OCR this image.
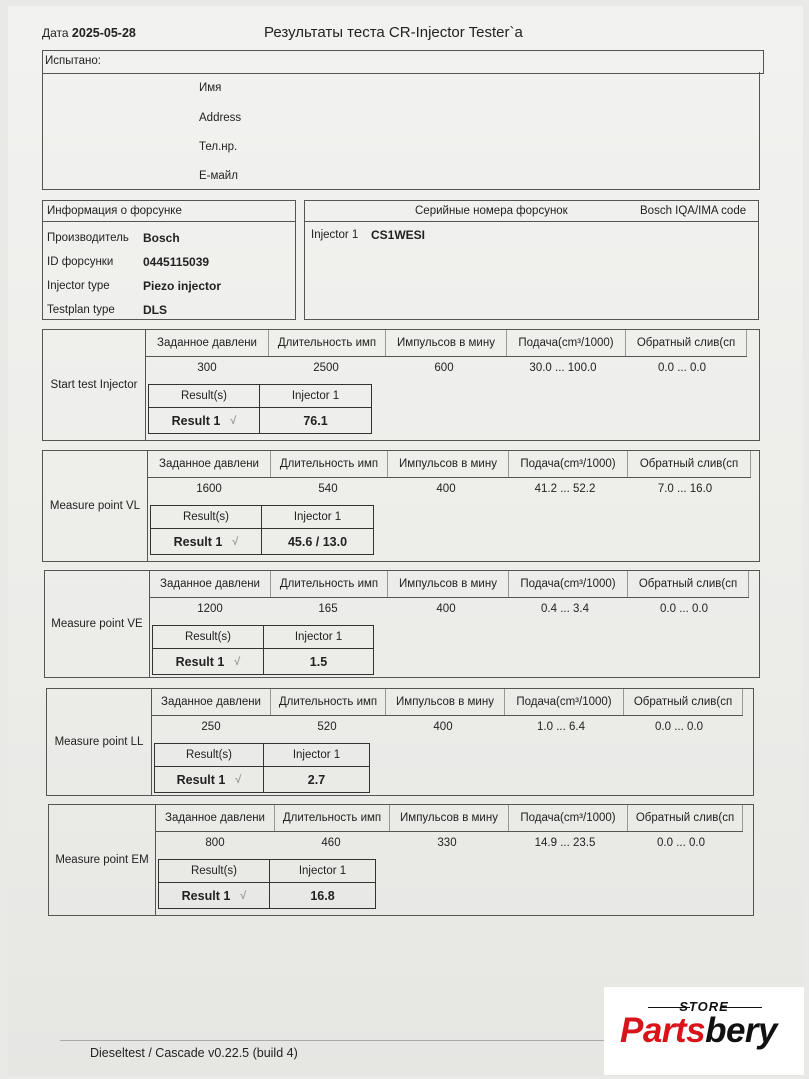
Дата 2025-05-28	Результаты теста CR-Injector Tester`a
Испытано:
Имя
Address
Тел.нр.
E-майл
Информация о форсунке
Производитель Bosch
ID форсунки 0445115039
Injector type	Piezo injector
Testplan type DLS
Серийные номера форсунок	Bosch IQA/IMA code
Injector 1 CS1WESI
Start test Injector
Заданное давлени	Длительность имп	Импульсов в мину	Подача(cm³/1000)	Обратный слив(сп
300	2500	600	30.0 ... 100.0	0.0 ... 0.0
Result(s)	Injector 1
Result 1 √	76.1
Measure point VL
Заданное давлени	Длительность имп	Импульсов в мину	Подача(cm³/1000)	Обратный слив(сп
1600	540	400	41.2 ... 52.2	7.0 ... 16.0
Result(s)	Injector 1
Result 1 √	45.6 / 13.0
Measure point VE
Заданное давлени	Длительность имп	Импульсов в мину	Подача(cm³/1000)	Обратный слив(сп
1200	165	400	0.4 ... 3.4	0.0 ... 0.0
Result(s)	Injector 1
Result 1 √	1.5
Measure point LL
Заданное давлени	Длительность имп	Импульсов в мину	Подача(cm³/1000)	Обратный слив(сп
250	520	400	1.0 ... 6.4	0.0 ... 0.0
Result(s)	Injector 1
Result 1 √	2.7
Measure point EM
Заданное давлени	Длительность имп	Импульсов в мину	Подача(cm³/1000)	Обратный слив(сп
800	460	330	14.9 ... 23.5	0.0 ... 0.0
Result(s)	Injector 1
Result 1 √	16.8
Dieseltest / Cascade v0.22.5 (build 4)
STORE
Partsbery
